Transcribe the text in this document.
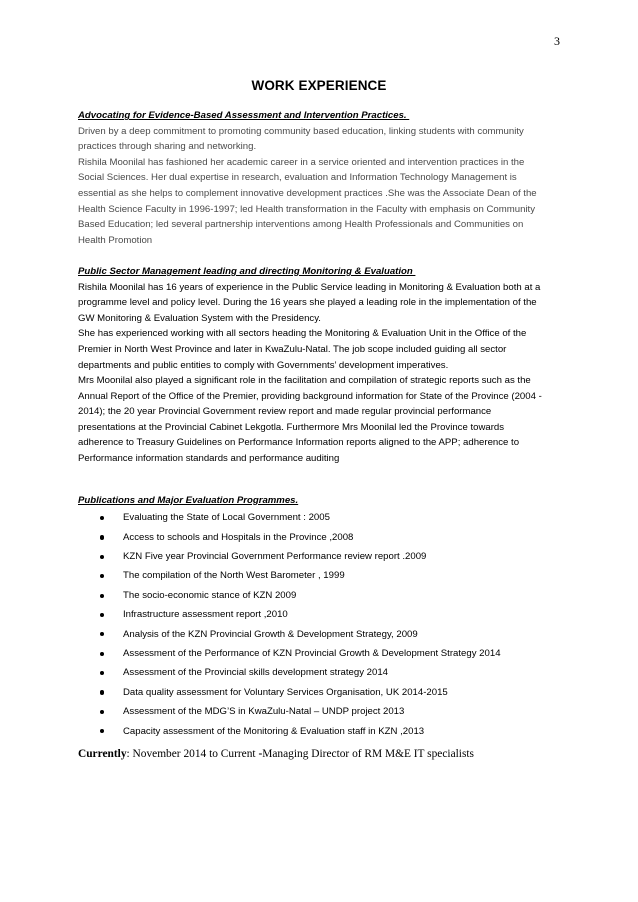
3
WORK EXPERIENCE
Advocating for Evidence-Based Assessment and Intervention Practices.

Driven by a deep commitment to promoting community based education, linking students with community

practices through sharing and networking.

Rishila Moonilal has fashioned her academic career in a service oriented and intervention practices in the

Social Sciences. Her dual expertise in research, evaluation and Information Technology Management is

essential as she helps to complement innovative development practices .She was the Associate Dean of the

Health Science Faculty in 1996-1997; led Health transformation in the Faculty with emphasis on Community

Based Education; led several partnership interventions among Health Professionals and Communities on

Health Promotion

Public Sector Management leading and directing Monitoring & Evaluation

Rishila Moonilal has 16 years of experience in the Public Service leading in Monitoring & Evaluation both at a

programme level and policy level. During the 16 years she played a leading role in the implementation of the

GW Monitoring & Evaluation System with the Presidency.

She has experienced working with all sectors heading the Monitoring & Evaluation Unit in the Office of the

Premier in North West Province and later in KwaZulu-Natal. The job scope included guiding all sector

departments and public entities to comply with Governments’ development imperatives.

Mrs Moonilal also played a significant role in the facilitation and compilation of strategic reports such as the

Annual Report of the Office of the Premier, providing background information for State of the Province (2004 -

2014); the 20 year Provincial Government review report and made regular provincial performance

presentations at the Provincial Cabinet Lekgotla. Furthermore Mrs Moonilal led the Province towards

adherence to Treasury Guidelines on Performance Information reports aligned to the APP; adherence to

Performance information standards and performance auditing

Publications and Major Evaluation Programmes.
Evaluating the State of Local Government : 2005
Access to schools and Hospitals in the Province ,2008
KZN Five year Provincial Government Performance review report .2009
The compilation of the North West Barometer , 1999
The socio-economic stance of KZN 2009
Infrastructure assessment report ,2010
Analysis of the KZN Provincial Growth & Development Strategy, 2009
Assessment of the Performance of KZN Provincial Growth & Development Strategy 2014
Assessment of the Provincial skills development strategy 2014
Data quality assessment for Voluntary Services Organisation, UK 2014-2015
Assessment of the MDG’S in KwaZulu-Natal – UNDP project 2013
Capacity assessment of the Monitoring & Evaluation staff in KZN ,2013
Currently: November 2014 to Current -Managing Director of RM M&E IT specialists
